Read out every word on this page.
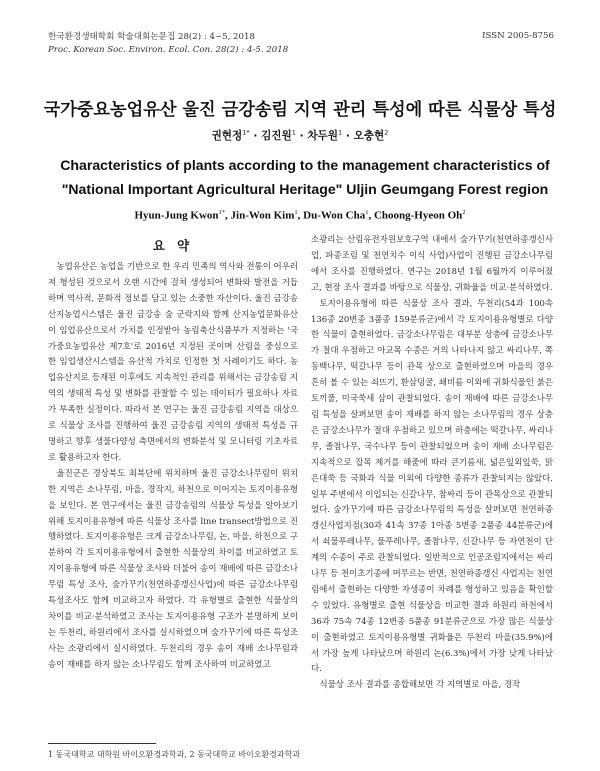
한국환경생태학회 학술대회논문집 28(2) : 4~5, 2018
Proc. Korean Soc. Environ. Ecol. Con. 28(2) : 4-5. 2018
ISSN 2005-8756
국가중요농업유산 울진 금강송림 지역 관리 특성에 따른 식물상 특성
권현정$^{1*}$ · 김진원$^1$ · 차두원$^1$ · 오충현$^2$
Characteristics of plants according to the management characteristics of "National Important Agricultural Heritage" Uljin Geumgang Forest region
Hyun-Jung Kwon$^{1*}$, Jin-Won Kim$^1$, Du-Won Cha$^1$, Choong-Hyeon Oh$^2$
요 약

농업유산은 농업을 기반으로 한 우리 민족의 역사와 전통이 어우러져 형성된 것으로서 오랜 시간에 걸쳐 생성되어 변화와 발전을 거듭하며 역사적, 문화적 정보를 담고 있는 소중한 자산이다. 울진 금강송 산지농업시스템은 울진 금강송 숲 군락지와 함께 산지농업문화유산이 임업유산으로서 가치를 인정받아 농림축산식품부가 지정하는 '국가중요농업유산 제7호'로 2016년 지정된 곳이며 산림을 중심으로 한 임업생산시스템을 유산적 가치로 인정한 첫 사례이기도 하다. 농업유산지로 등재된 이후에도 지속적인 관리를 위해서는 금강송림 지역의 생태적 특성 및 변화를 관찰할 수 있는 데이터가 필요하나 자료가 부족한 실정이다. 따라서 본 연구는 울진 금강송림 지역을 대상으로 식물상 조사를 진행하여 울진 금강송림 지역의 생태적 특성을 규명하고 향후 생물다양성 측면에서의 변화분석 및 모니터링 기초자료로 활용하고자 한다.

울진군은 경상북도 최북단에 위치하며 울진 금강소나무림이 위치한 지역은 소나무림, 마을, 경작지, 하천으로 이어지는 토지이용유형을 보인다. 본 연구에서는 울진 금강송림의 식물상 특성을 알아보기 위해 토지이용유형에 따른 식물상 조사를 line transect방법으로 진행하였다. 토지이용유형은 크게 금강소나무림, 논, 마을, 하천으로 구분하여 각 토지이용유형에서 출현한 식물상의 차이를 비교하였고 토지이용유형에 따른 식물상 조사와 더불어 송이 재배에 따른 금강소나무림 특성 조사, 숲가꾸기(천연하종갱신사업)에 따른 금강소나무림 특성조사도 함께 비교하고자 하였다. 각 유형별로 출현한 식물상의 차이를 비교·분석하였고 조사는 토지이용유형 구조가 분명하게 보이는 두천리, 하원리에서 조사를 실시하였으며 숲가꾸기에 따른 특성조사는 소광리에서 실시하였다. 두천리의 경우 송이 재배 소나무림과 송이 재배를 하지 않는 소나무림도 함께 조사하여 비교하였고

소광리는 산림유전자원보호구역 내에서 숲가꾸기(천연하종갱신사업, 파종조림 및 천연치수 이식 사업)사업이 진행된 금강소나무림에서 조사를 진행하였다. 연구는 2018년 1월 6월까지 이루어졌고, 현장 조사 결과를 바탕으로 식물상, 귀화율을 비교·분석하였다.

토지이용유형에 따른 식물상 조사 결과, 두천리(54과 100속 136종 20변종 3품종 159분류군)에서 각 토지이용유형별로 다양한 식물이 출현하였다. 금강소나무림은 대부분 상층에 금강소나무가 절대 우점하고 아교목 수종은 거의 나타나지 않고 싸리나무, 쪽동백나무, 떡갈나무 등이 관목 상으로 출현하였으며 마을의 경우 흔히 볼 수 있는 쇠뜨기, 환삼덩굴, 쇄비름 이외에 귀화식물인 붉은토끼풀, 미국쑥새 삼이 관찰되었다. 송이 재배에 따른 금강소나무림 특성을 살펴보면 송이 재배를 하지 않는 소나무림의 경우 상층은 금강소나무가 절대 우점하고 있으며 하층에는 떡갈나무, 싸리나무, 졸참나무, 국수나무 등이 관찰되었으며 송이 재배 소나무림은 지속적으로 잡목 제거를 해줌에 따라 큰기름새, 넓은잎외잎쑥, 맑은대쑥 등 국화과 식물 이외에 다양한 종류가 관찰되지는 않았다. 일부 주변에서 이입되는 신갈나무, 참싸리 등이 관목상으로 관찰되었다. 숲가꾸기에 따른 금강소나무림의 특성을 살펴보면 천연하종갱신사업지점(30과 41속 37종 1아종 5변종 2품종 44분류군)에서 쇠물푸레나무, 물푸레나무, 졸참나무, 신갈나무 등 자연천이 단계의 수종이 주로 관찰되었다. 일반적으로 인공조림지에서는 싸리나무 등 천이초기종에 머무르는 반면, 천연하종갱신 사업지는 천연림에서 출현하는 다양한 자생종이 차례를 형성하고 있음을 확인할 수 있었다. 유형별로 출현 식물상을 비교한 결과 하원리 하천에서 36과 75속 74종 12변종 5품종 91분류군으로 가장 많은 식물상이 출현하였고 토지이용유형별 귀화율은 두천리 마을(35.9%)에서 가장 높게 나타났으며 하원리 논(6.3%)에서 가장 낮게 나타났다.

식물상 조사 결과를 종합해보면 각 지역별로 마을, 경작

1 동국대학교 대학원 바이오환경과학과, 2 동국대학교 바이오환경과학과
